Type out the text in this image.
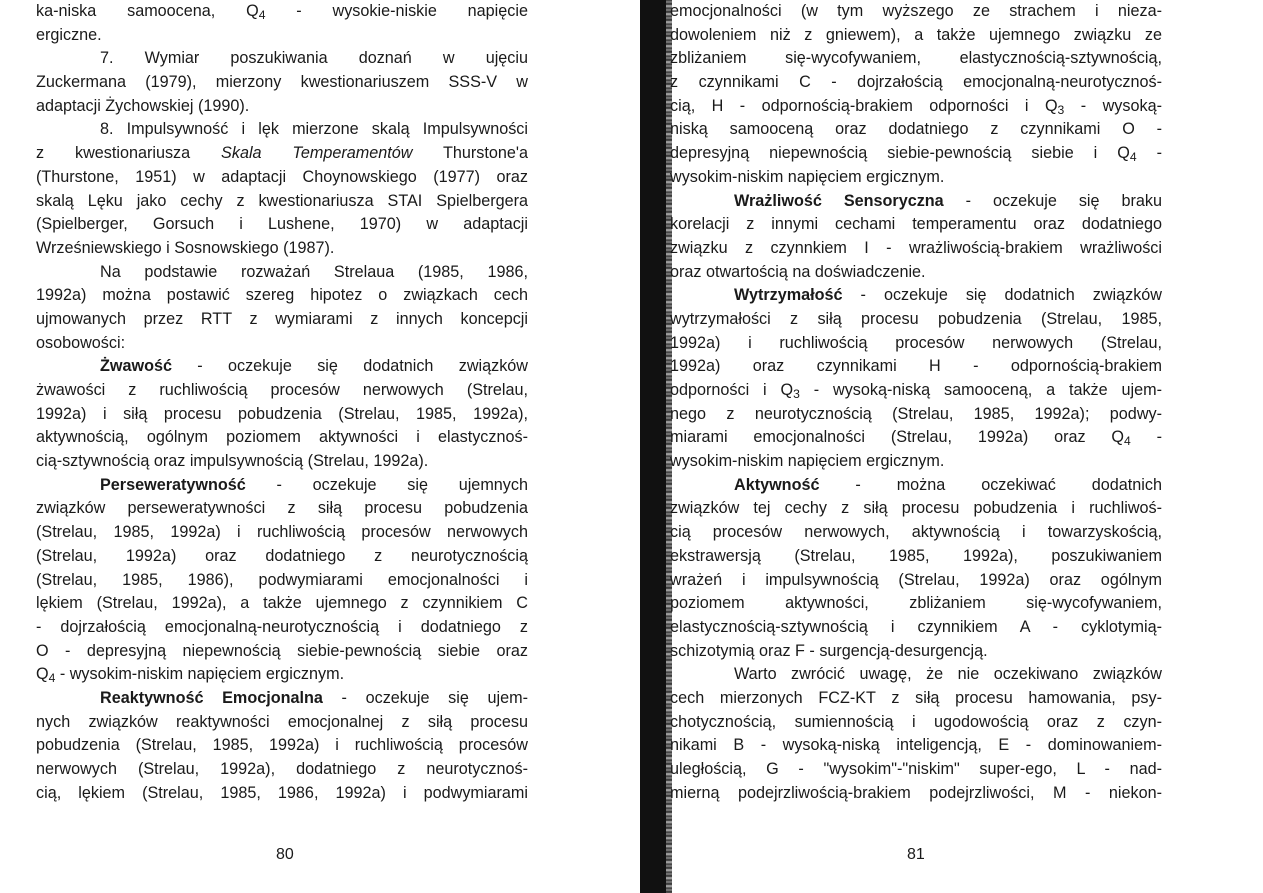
ka-niska samoocena, $Q_4$ - wysokie-niskie napięcie
ergiczne.
7. Wymiar poszukiwania doznań w ujęciu
Zuckermana (1979), mierzony kwestionariuszem SSS-V w
adaptacji Żychowskiej (1990).
8. Impulsywność i lęk mierzone skalą Impulsywności
z kwestionariusza Skala Temperamentów Thurstone'a
(Thurstone, 1951) w adaptacji Choynowskiego (1977) oraz
skalą Lęku jako cechy z kwestionariusza STAI Spielbergera
(Spielberger, Gorsuch i Lushene, 1970) w adaptacji
Wrześniewskiego i Sosnowskiego (1987).
Na podstawie rozważań Strelaua (1985, 1986,
1992a) można postawić szereg hipotez o związkach cech
ujmowanych przez RTT z wymiarami z innych koncepcji
osobowości:
Żwawość - oczekuje się dodatnich związków
żwawości z ruchliwością procesów nerwowych (Strelau,
1992a) i siłą procesu pobudzenia (Strelau, 1985, 1992a),
aktywnością, ogólnym poziomem aktywności i elastycznoś-
cią-sztywnością oraz impulsywnością (Strelau, 1992a).
Perseweratywność - oczekuje się ujemnych
związków perseweratywności z siłą procesu pobudzenia
(Strelau, 1985, 1992a) i ruchliwością procesów nerwowych
(Strelau, 1992a) oraz dodatniego z neurotycznością
(Strelau, 1985, 1986), podwymiarami emocjonalności i
lękiem (Strelau, 1992a), a także ujemnego z czynnikiem C
- dojrzałością emocjonalną-neurotycznością i dodatniego z
O - depresyjną niepewnością siebie-pewnością siebie oraz
$Q_4$ - wysokim-niskim napięciem ergicznym.
Reaktywność Emocjonalna - oczekuje się ujem-
nych związków reaktywności emocjonalnej z siłą procesu
pobudzenia (Strelau, 1985, 1992a) i ruchliwością procesów
nerwowych (Strelau, 1992a), dodatniego z neurotycznoś-
cią, lękiem (Strelau, 1985, 1986, 1992a) i podwymiarami
80
emocjonalności (w tym wyższego ze strachem i nieza-
dowoleniem niż z gniewem), a także ujemnego związku ze
zbliżaniem się-wycofywaniem, elastycznością-sztywnością,
z czynnikami C - dojrzałością emocjonalną-neurotycznoś-
cią, H - odpornością-brakiem odporności i $Q_3$ - wysoką-
niską samooceną oraz dodatniego z czynnikami O -
depresyjną niepewnością siebie-pewnością siebie i $Q_4$ -
wysokim-niskim napięciem ergicznym.
Wrażliwość Sensoryczna - oczekuje się braku
korelacji z innymi cechami temperamentu oraz dodatniego
związku z czynnkiem I - wrażliwością-brakiem wrażliwości
oraz otwartością na doświadczenie.
Wytrzymałość - oczekuje się dodatnich związków
wytrzymałości z siłą procesu pobudzenia (Strelau, 1985,
1992a) i ruchliwością procesów nerwowych (Strelau,
1992a) oraz czynnikami H - odpornością-brakiem
odporności i $Q_3$ - wysoką-niską samooceną, a także ujem-
nego z neurotycznością (Strelau, 1985, 1992a); podwy-
miarami emocjonalności (Strelau, 1992a) oraz $Q_4$ -
wysokim-niskim napięciem ergicznym.
Aktywność - można oczekiwać dodatnich
związków tej cechy z siłą procesu pobudzenia i ruchliwoś-
cią procesów nerwowych, aktywnością i towarzyskością,
ekstrawersją (Strelau, 1985, 1992a), poszukiwaniem
wrażeń i impulsywnością (Strelau, 1992a) oraz ogólnym
poziomem aktywności, zbliżaniem się-wycofywaniem,
elastycznością-sztywnością i czynnikiem A - cyklotymią-
schizotymią oraz F - surgencją-desurgencją.
Warto zwrócić uwagę, że nie oczekiwano związków
cech mierzonych FCZ-KT z siłą procesu hamowania, psy-
chotycznością, sumiennością i ugodowością oraz z czyn-
nikami B - wysoką-niską inteligencją, E - dominowaniem-
uległością, G - "wysokim"-"niskim" super-ego, L - nad-
mierną podejrzliwością-brakiem podejrzliwości, M - niekon-
81
